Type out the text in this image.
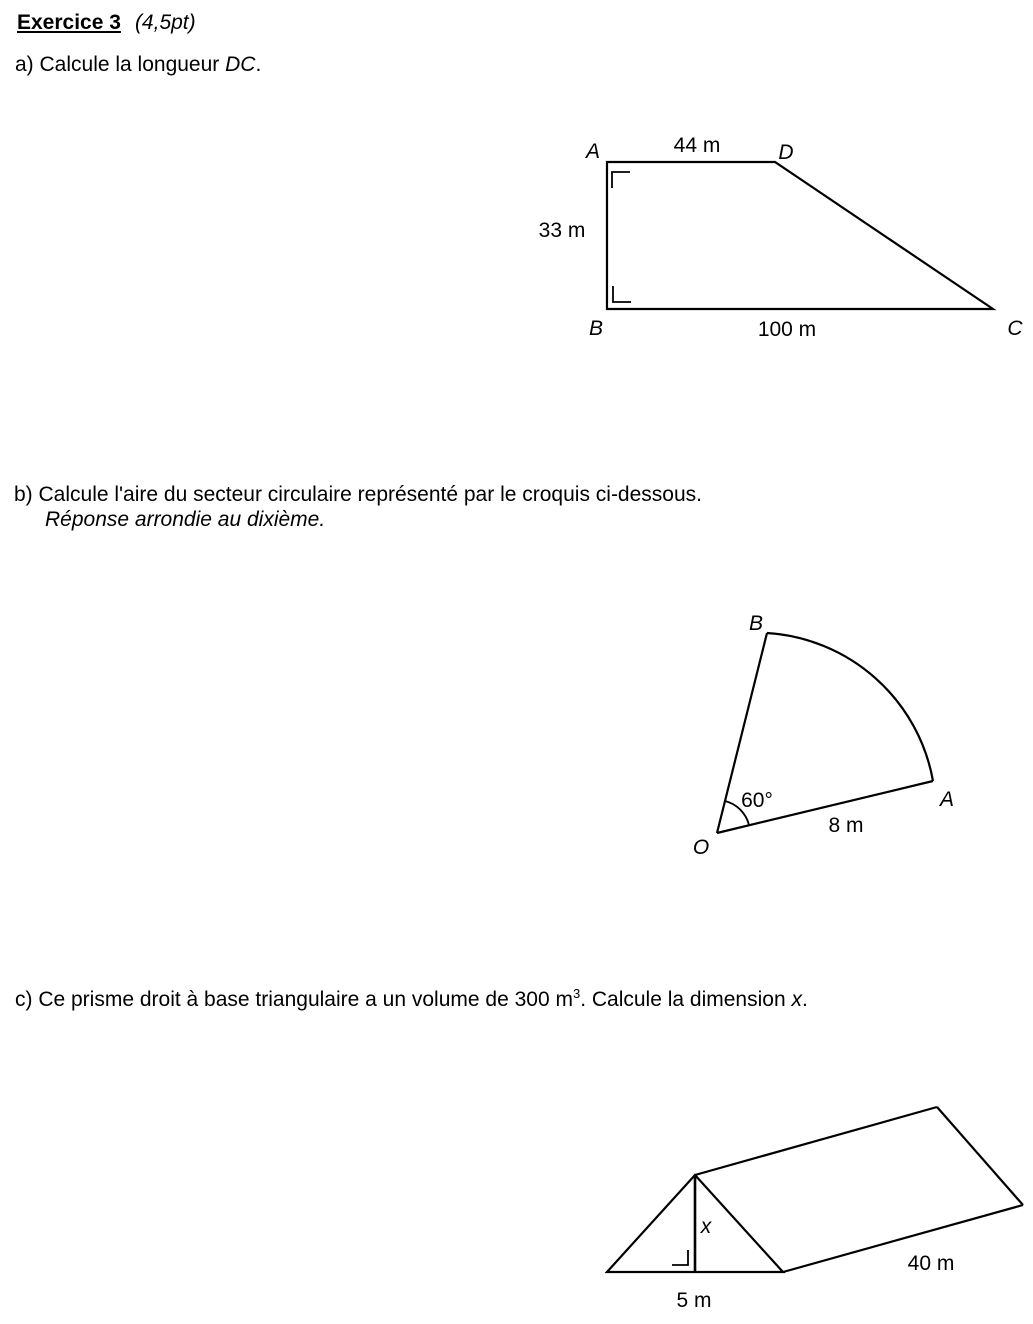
Exercice 3 (4,5pt)
a) Calcule la longueur DC.
A	D
B	C
44 m
33 m
100 m
b) Calcule l'aire du secteur circulaire représenté par le croquis ci-dessous.
Réponse arrondie au dixième.
B
A
O
60°
8 m
c) Ce prisme droit à base triangulaire a un volume de 300 $m^3$. Calcule la dimension x.
x
5 m
40 m
